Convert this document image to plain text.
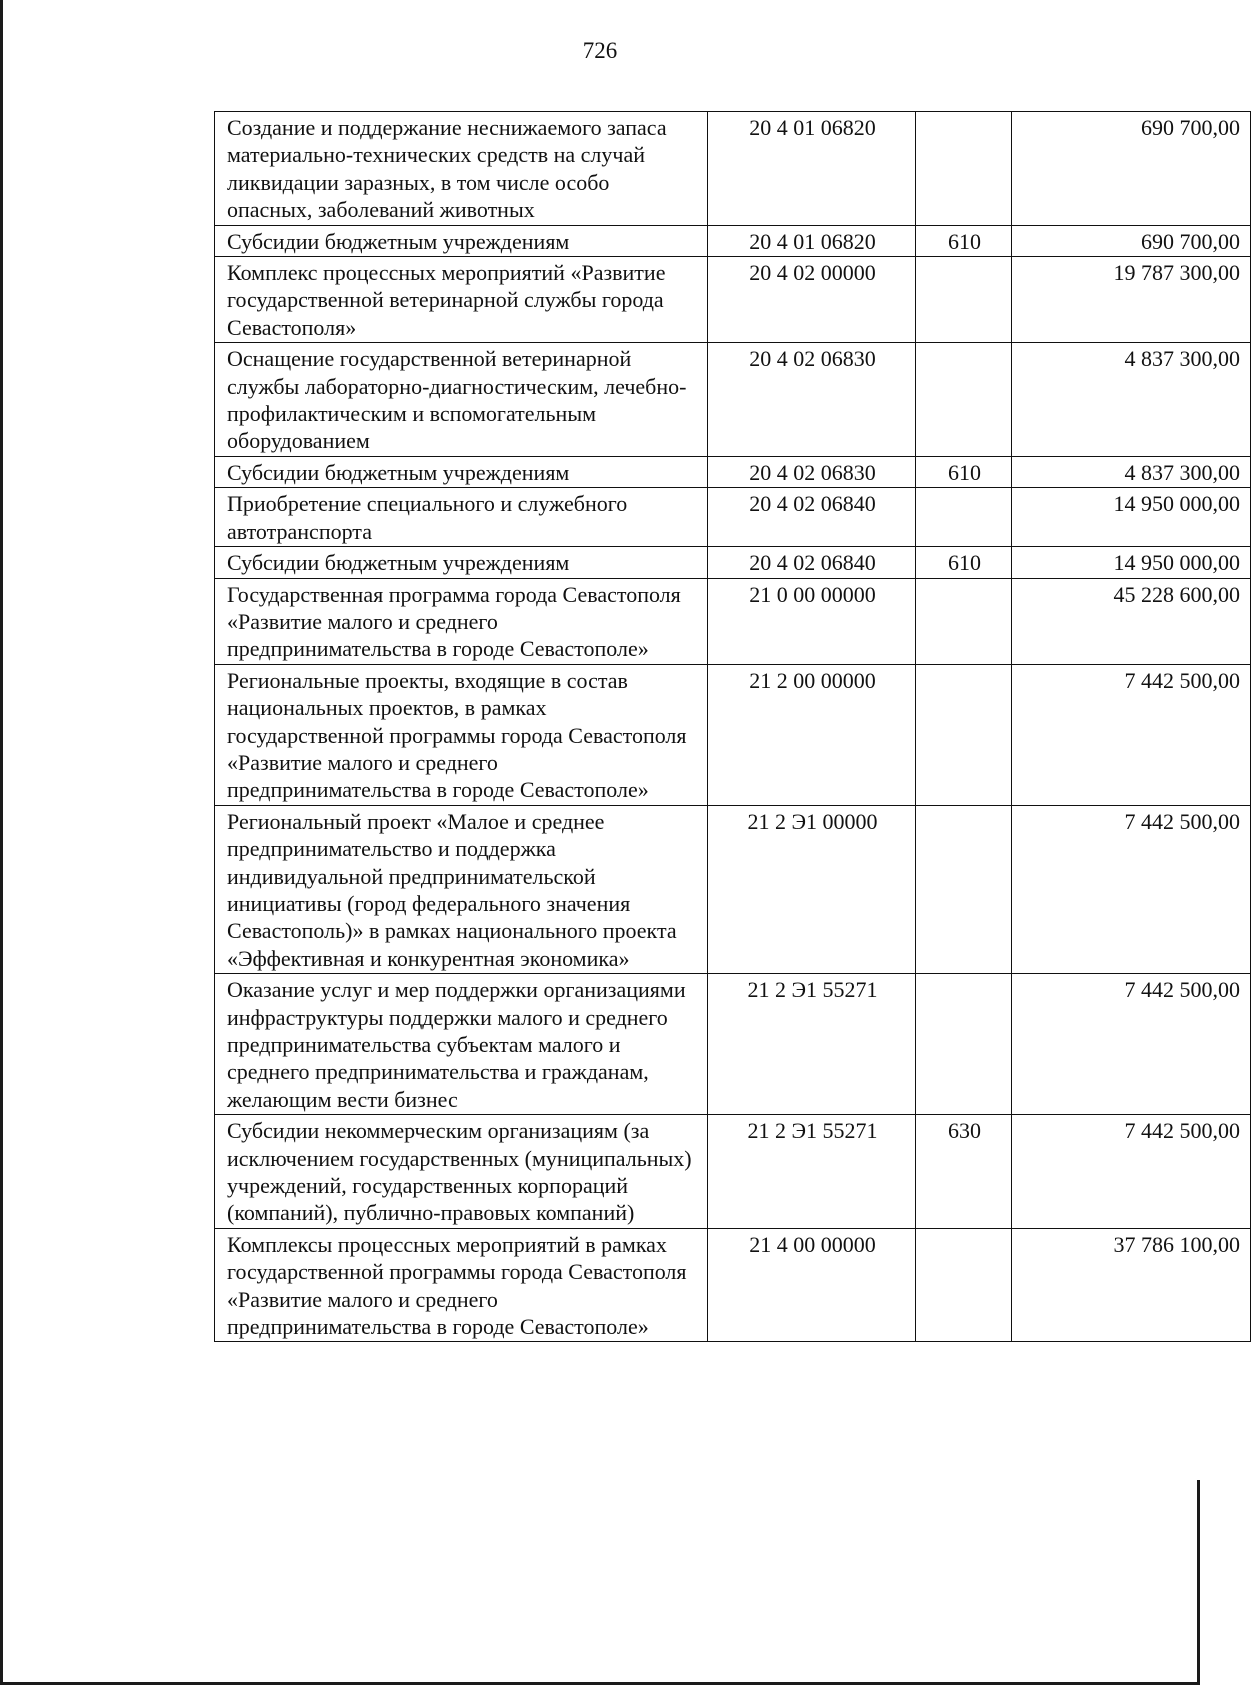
726
Создание и поддержание неснижаемого запаса материально-технических средств на случай ликвидации заразных, в том числе особо опасных, заболеваний животных	20 4 01 06820		690 700,00
Субсидии бюджетным учреждениям	20 4 01 06820	610	690 700,00
Комплекс процессных мероприятий «Развитие государственной ветеринарной службы города Севастополя»	20 4 02 00000		19 787 300,00
Оснащение государственной ветеринарной службы лабораторно-диагностическим, лечебно-профилактическим и вспомогательным оборудованием	20 4 02 06830		4 837 300,00
Субсидии бюджетным учреждениям	20 4 02 06830	610	4 837 300,00
Приобретение специального и служебного автотранспорта	20 4 02 06840		14 950 000,00
Субсидии бюджетным учреждениям	20 4 02 06840	610	14 950 000,00
Государственная программа города Севастополя «Развитие малого и среднего предпринимательства в городе Севастополе»	21 0 00 00000		45 228 600,00
Региональные проекты, входящие в состав национальных проектов, в рамках государственной программы города Севастополя «Развитие малого и среднего предпринимательства в городе Севастополе»	21 2 00 00000		7 442 500,00
Региональный проект «Малое и среднее предпринимательство и поддержка индивидуальной предпринимательской инициативы (город федерального значения Севастополь)» в рамках национального проекта «Эффективная и конкурентная экономика»	21 2 Э1 00000		7 442 500,00
Оказание услуг и мер поддержки организациями инфраструктуры поддержки малого и среднего предпринимательства субъектам малого и среднего предпринимательства и гражданам, желающим вести бизнес	21 2 Э1 55271		7 442 500,00
Субсидии некоммерческим организациям (за исключением государственных (муниципальных) учреждений, государственных корпораций (компаний), публично-правовых компаний)	21 2 Э1 55271	630	7 442 500,00
Комплексы процессных мероприятий в рамках государственной программы города Севастополя «Развитие малого и среднего предпринимательства в городе Севастополе»	21 4 00 00000		37 786 100,00
